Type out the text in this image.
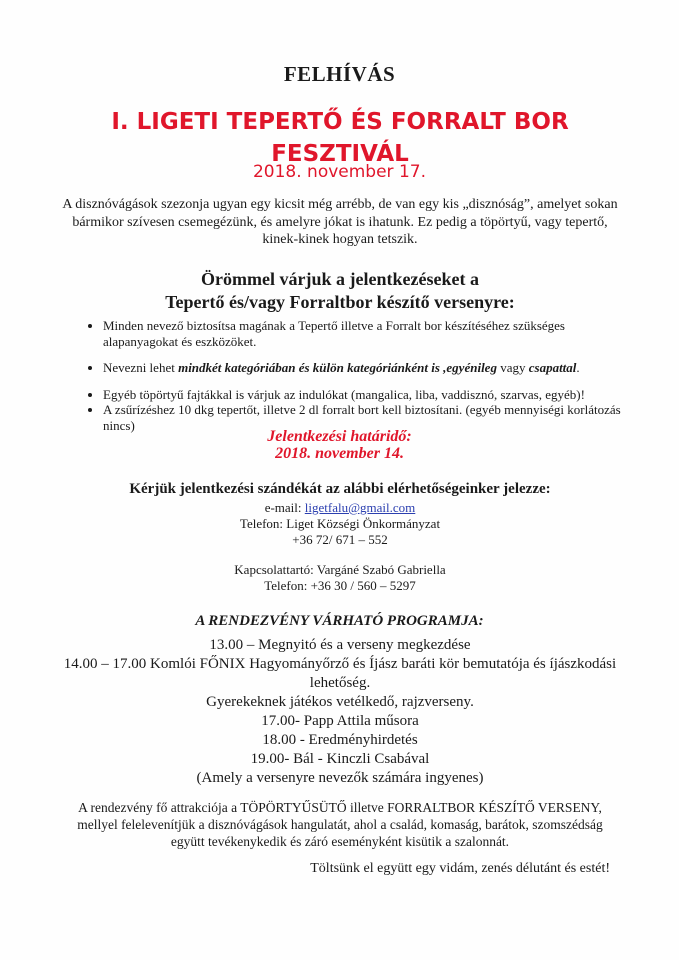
FELHÍVÁS
I. LIGETI TEPERTŐ ÉS FORRALT BOR
FESZTIVÁL
2018. november 17.
A disznóvágások szezonja ugyan egy kicsit még arrébb, de van egy kis „disznóság”, amelyet sokan
bármikor szívesen csemegézünk, és amelyre jókat is ihatunk. Ez pedig a töpörtyű, vagy tepertő,
kinek-kinek hogyan tetszik.
Örömmel várjuk a jelentkezéseket a
Tepertő és/vagy Forraltbor készítő versenyre:
• Minden nevező biztosítsa magának a Tepertő illetve a Forralt bor készítéséhez szükséges
alapanyagokat és eszközöket.
• Nevezni lehet mindkét kategóriában és külön kategóriánként is ,egyénileg vagy csapattal.
• Egyéb töpörtyű fajtákkal is várjuk az indulókat (mangalica, liba, vaddisznó, szarvas, egyéb)!
• A zsűrízéshez 10 dkg tepertőt, illetve 2 dl forralt bort kell biztosítani. (egyéb mennyiségi korlátozás
nincs)
Jelentkezési határidő:
2018. november 14.
Kérjük jelentkezési szándékát az alábbi elérhetőségeinker jelezze:
e-mail: ligetfalu@gmail.com
Telefon: Liget Községi Önkormányzat
+36 72/ 671 – 552
Kapcsolattartó: Vargáné Szabó Gabriella
Telefon: +36 30 / 560 – 5297
A RENDEZVÉNY VÁRHATÓ PROGRAMJA:
13.00 – Megnyitó és a verseny megkezdése
14.00 – 17.00 Komlói FŐNIX Hagyományőrző és Íjász baráti kör bemutatója és íjászkodási
lehetőség.
Gyerekeknek játékos vetélkedő, rajzverseny.
17.00- Papp Attila műsora
18.00 - Eredményhirdetés
19.00- Bál - Kinczli Csabával
(Amely a versenyre nevezők számára ingyenes)
A rendezvény fő attrakciója a TÖPÖRTYŰSÜTŐ illetve FORRALTBOR KÉSZÍTŐ VERSENY,
mellyel felelevenítjük a disznóvágások hangulatát, ahol a család, komaság, barátok, szomszédság
együtt tevékenykedik és záró eseményként kisütik a szalonnát.
Töltsünk el együtt egy vidám, zenés délutánt és estét!
